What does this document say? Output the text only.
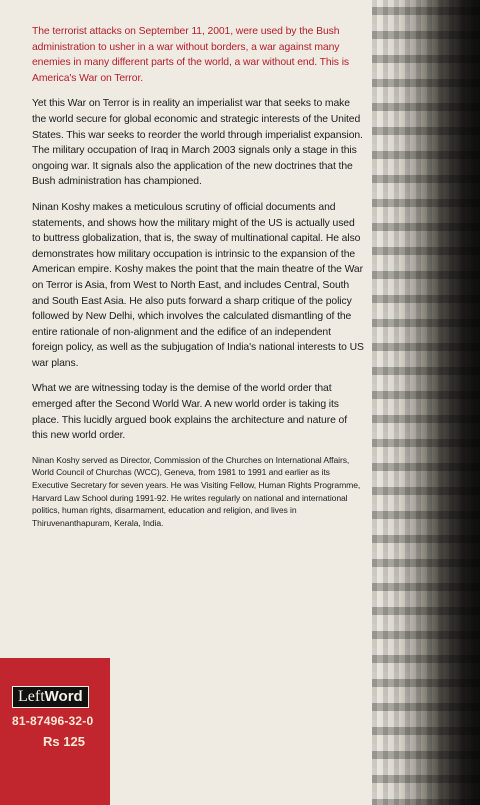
The terrorist attacks on September 11, 2001, were used by the Bush administration to usher in a war without borders, a war against many enemies in many different parts of the world, a war without end. This is America's War on Terror.

Yet this War on Terror is in reality an imperialist war that seeks to make the world secure for global economic and strategic interests of the United States. This war seeks to reorder the world through imperialist expansion. The military occupation of Iraq in March 2003 signals only a stage in this ongoing war. It signals also the application of the new doctrines that the Bush administration has championed.

Ninan Koshy makes a meticulous scrutiny of official documents and statements, and shows how the military might of the US is actually used to buttress globalization, that is, the sway of multinational capital. He also demonstrates how military occupation is intrinsic to the expansion of the American empire. Koshy makes the point that the main theatre of the War on Terror is Asia, from West to North East, and includes Central, South and South East Asia. He also puts forward a sharp critique of the policy followed by New Delhi, which involves the calculated dismantling of the entire rationale of non-alignment and the edifice of an independent foreign policy, as well as the subjugation of India's national interests to US war plans.

What we are witnessing today is the demise of the world order that emerged after the Second World War. A new world order is taking its place. This lucidly argued book explains the architecture and nature of this new world order.

Ninan Koshy served as Director, Commission of the Churches on International Affairs, World Council of Churchas (WCC), Geneva, from 1981 to 1991 and earlier as its Executive Secretary for seven years. He was Visiting Fellow, Human Rights Programme, Harvard Law School during 1991-92. He writes regularly on national and international politics, human rights, disarmament, education and religion, and lives in Thiruvenanthapuram, Kerala, India.

LeftWord
81-87496-32-0
Rs 125
